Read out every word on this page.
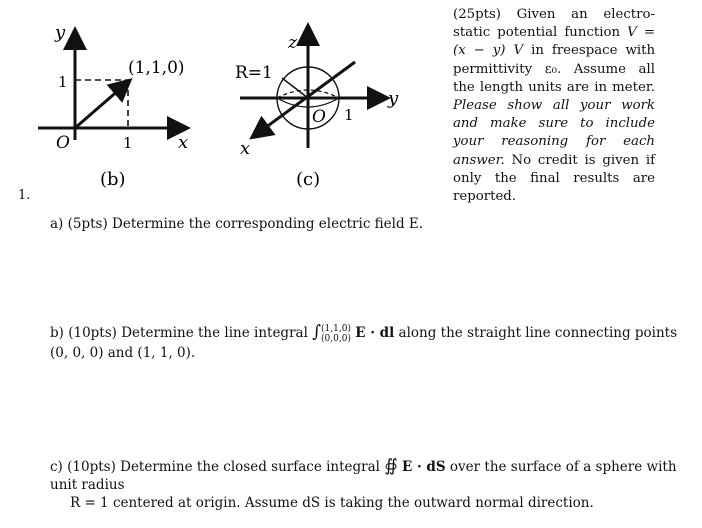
y
x
O	1
1
(1,1,0)
(b)
z
y
x
R=1
O 1
(c)
1.
(25pts) Given an electro-static potential function V = (x − y) V in freespace with permittivity ε₀. Assume all the length units are in meter. Please show all your work and make sure to include your reasoning for each answer. No credit is given if only the final results are reported.
a) (5pts) Determine the corresponding electric field E.
b) (10pts) Determine the line integral ∫ (1,1,0)
(0,0,0) E · dl along the straight line connecting points (0, 0, 0) and (1, 1, 0).
c) (10pts) Determine the closed surface integral ∯ E · dS over the surface of a sphere with unit radius
R = 1 centered at origin. Assume dS is taking the outward normal direction.
